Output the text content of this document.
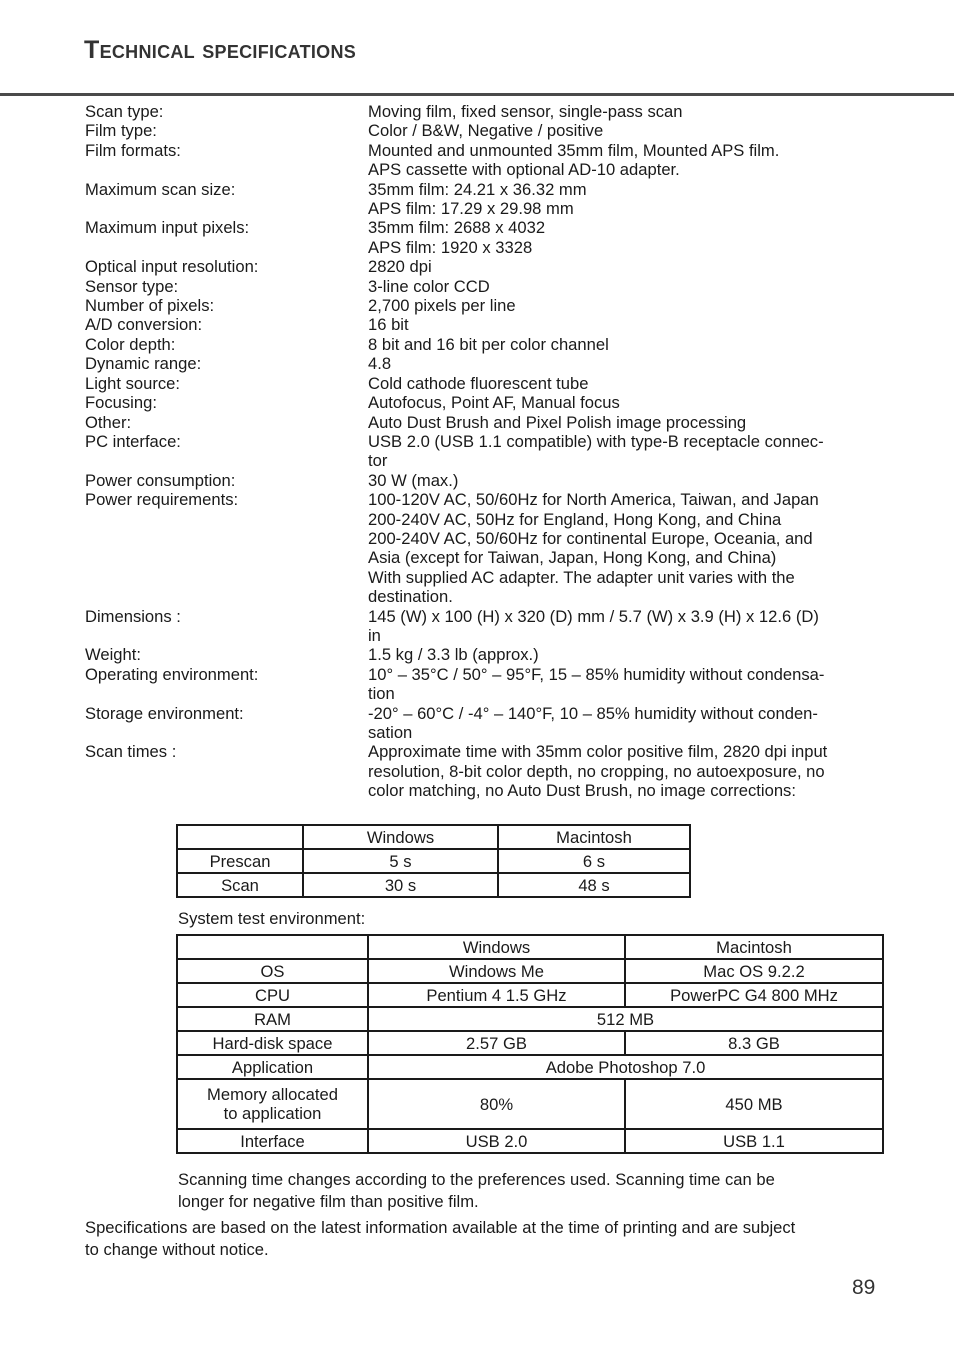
Technical specifications
Scan type:	Moving film, fixed sensor, single-pass scan
Film type:	Color / B&W, Negative / positive
Film formats:	Mounted and unmounted 35mm film, Mounted APS film.
APS cassette with optional AD-10 adapter.
Maximum scan size:	35mm film: 24.21 x 36.32 mm
APS film: 17.29 x 29.98 mm
Maximum input pixels:	35mm film: 2688 x 4032
APS film: 1920 x 3328
Optical input resolution:	2820 dpi
Sensor type:	3-line color CCD
Number of pixels:	2,700 pixels per line
A/D conversion:	16 bit
Color depth:	8 bit and 16 bit per color channel
Dynamic range:	4.8
Light source:	Cold cathode fluorescent tube
Focusing:	Autofocus, Point AF, Manual focus
Other:	Auto Dust Brush and Pixel Polish image processing
PC interface:	USB 2.0 (USB 1.1 compatible) with type-B receptacle connec-
tor
Power consumption:	30 W (max.)
Power requirements:	100-120V AC, 50/60Hz for North America, Taiwan, and Japan
200-240V AC, 50Hz for England, Hong Kong, and China
200-240V AC, 50/60Hz for continental Europe, Oceania, and
Asia (except for Taiwan, Japan, Hong Kong, and China)
With supplied AC adapter. The adapter unit varies with the
destination.
Dimensions :	145 (W) x 100 (H) x 320 (D) mm / 5.7 (W) x 3.9 (H) x 12.6 (D)
in
Weight:	1.5 kg / 3.3 lb (approx.)
Operating environment:	10° – 35°C / 50° – 95°F, 15 – 85% humidity without condensa-
tion
Storage environment:	-20° – 60°C / -4° – 140°F, 10 – 85% humidity without conden-
sation
Scan times :	Approximate time with 35mm color positive film, 2820 dpi input
resolution, 8-bit color depth, no cropping, no autoexposure, no
color matching, no Auto Dust Brush, no image corrections:
	Windows	Macintosh
Prescan	5 s	6 s
Scan	30 s	48 s
System test environment:
	Windows	Macintosh
OS	Windows Me	Mac OS 9.2.2
CPU	Pentium 4 1.5 GHz	PowerPC G4 800 MHz
RAM	512 MB	
Hard-disk space	2.57 GB	8.3 GB
Application	Adobe Photoshop 7.0	
Memory allocated
to application	80%	450 MB
Interface	USB 2.0	USB 1.1
Scanning time changes according to the preferences used. Scanning time can be
longer for negative film than positive film.
Specifications are based on the latest information available at the time of printing and are subject
to change without notice.
89
